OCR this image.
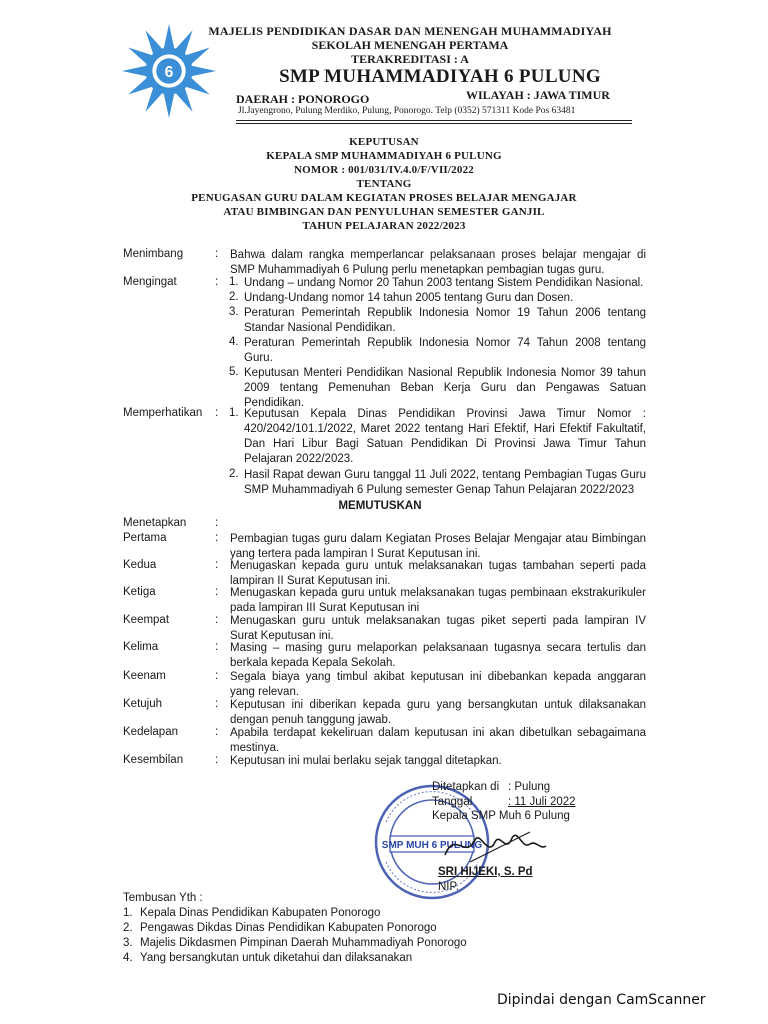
6
MAJELIS PENDIDIKAN DASAR DAN MENENGAH MUHAMMADIYAH
SEKOLAH MENENGAH PERTAMA
TERAKREDITASI : A
SMP MUHAMMADIYAH 6 PULUNG
DAERAH : PONOROGO	WILAYAH : JAWA TIMUR
Jl.Jayengrono, Pulung Merdiko, Pulung, Ponorogo. Telp (0352) 571311 Kode Pos 63481
KEPUTUSAN
KEPALA SMP MUHAMMADIYAH 6 PULUNG
NOMOR : 001/031/IV.4.0/F/VII/2022
TENTANG
PENUGASAN GURU DALAM KEGIATAN PROSES BELAJAR MENGAJAR
ATAU BIMBINGAN DAN PENYULUHAN SEMESTER GANJIL
TAHUN PELAJARAN 2022/2023
Menimbang	: Bahwa dalam rangka memperlancar pelaksanaan proses belajar mengajar di SMP Muhammadiyah 6 Pulung perlu menetapkan pembagian tugas guru.
Mengingat	: 1. Undang – undang Nomor 20 Tahun 2003 tentang Sistem Pendidikan Nasional.
2. Undang-Undang nomor 14 tahun 2005 tentang Guru dan Dosen.
3. Peraturan Pemerintah Republik Indonesia Nomor 19 Tahun 2006 tentang Standar Nasional Pendidikan.
4. Peraturan Pemerintah Republik Indonesia Nomor 74 Tahun 2008 tentang Guru.
5. Keputusan Menteri Pendidikan Nasional Republik Indonesia Nomor 39 tahun 2009 tentang Pemenuhan Beban Kerja Guru dan Pengawas Satuan Pendidikan.
Memperhatikan : 1. Keputusan Kepala Dinas Pendidikan Provinsi Jawa Timur Nomor : 420/2042/101.1/2022, Maret 2022 tentang Hari Efektif, Hari Efektif Fakultatif, Dan Hari Libur Bagi Satuan Pendidikan Di Provinsi Jawa Timur Tahun Pelajaran 2022/2023.
2. Hasil Rapat dewan Guru tanggal 11 Juli 2022, tentang Pembagian Tugas Guru SMP Muhammadiyah 6 Pulung semester Genap Tahun Pelajaran 2022/2023
MEMUTUSKAN
Menetapkan :
Pertama	: Pembagian tugas guru dalam Kegiatan Proses Belajar Mengajar atau Bimbingan yang tertera pada lampiran I Surat Keputusan ini.
Kedua	: Menugaskan kepada guru untuk melaksanakan tugas tambahan seperti pada lampiran II Surat Keputusan ini.
Ketiga	: Menugaskan kepada guru untuk melaksanakan tugas pembinaan ekstrakurikuler pada lampiran III Surat Keputusan ini
Keempat	: Menugaskan guru untuk melaksanakan tugas piket seperti pada lampiran IV Surat Keputusan ini.
Kelima	: Masing – masing guru melaporkan pelaksanaan tugasnya secara tertulis dan berkala kepada Kepala Sekolah.
Keenam	: Segala biaya yang timbul akibat keputusan ini dibebankan kepada anggaran yang relevan.
Ketujuh	: Keputusan ini diberikan kepada guru yang bersangkutan untuk dilaksanakan dengan penuh tanggung jawab.
Kedelapan	: Apabila terdapat kekeliruan dalam keputusan ini akan dibetulkan sebagaimana mestinya.
Kesembilan	: Keputusan ini mulai berlaku sejak tanggal ditetapkan.
SMP MUH 6 PULUNG
Ditetapkan di : Pulung
Tanggal	: 11 Juli 2022
Kepala SMP Muh 6 Pulung
SRI HIJEKI, S. Pd
NIP.
Tembusan Yth :
1. Kepala Dinas Pendidikan Kabupaten Ponorogo
2. Pengawas Dikdas Dinas Pendidikan Kabupaten Ponorogo
3. Majelis Dikdasmen Pimpinan Daerah Muhammadiyah Ponorogo
4. Yang bersangkutan untuk diketahui dan dilaksanakan
Dipindai dengan CamScanner
